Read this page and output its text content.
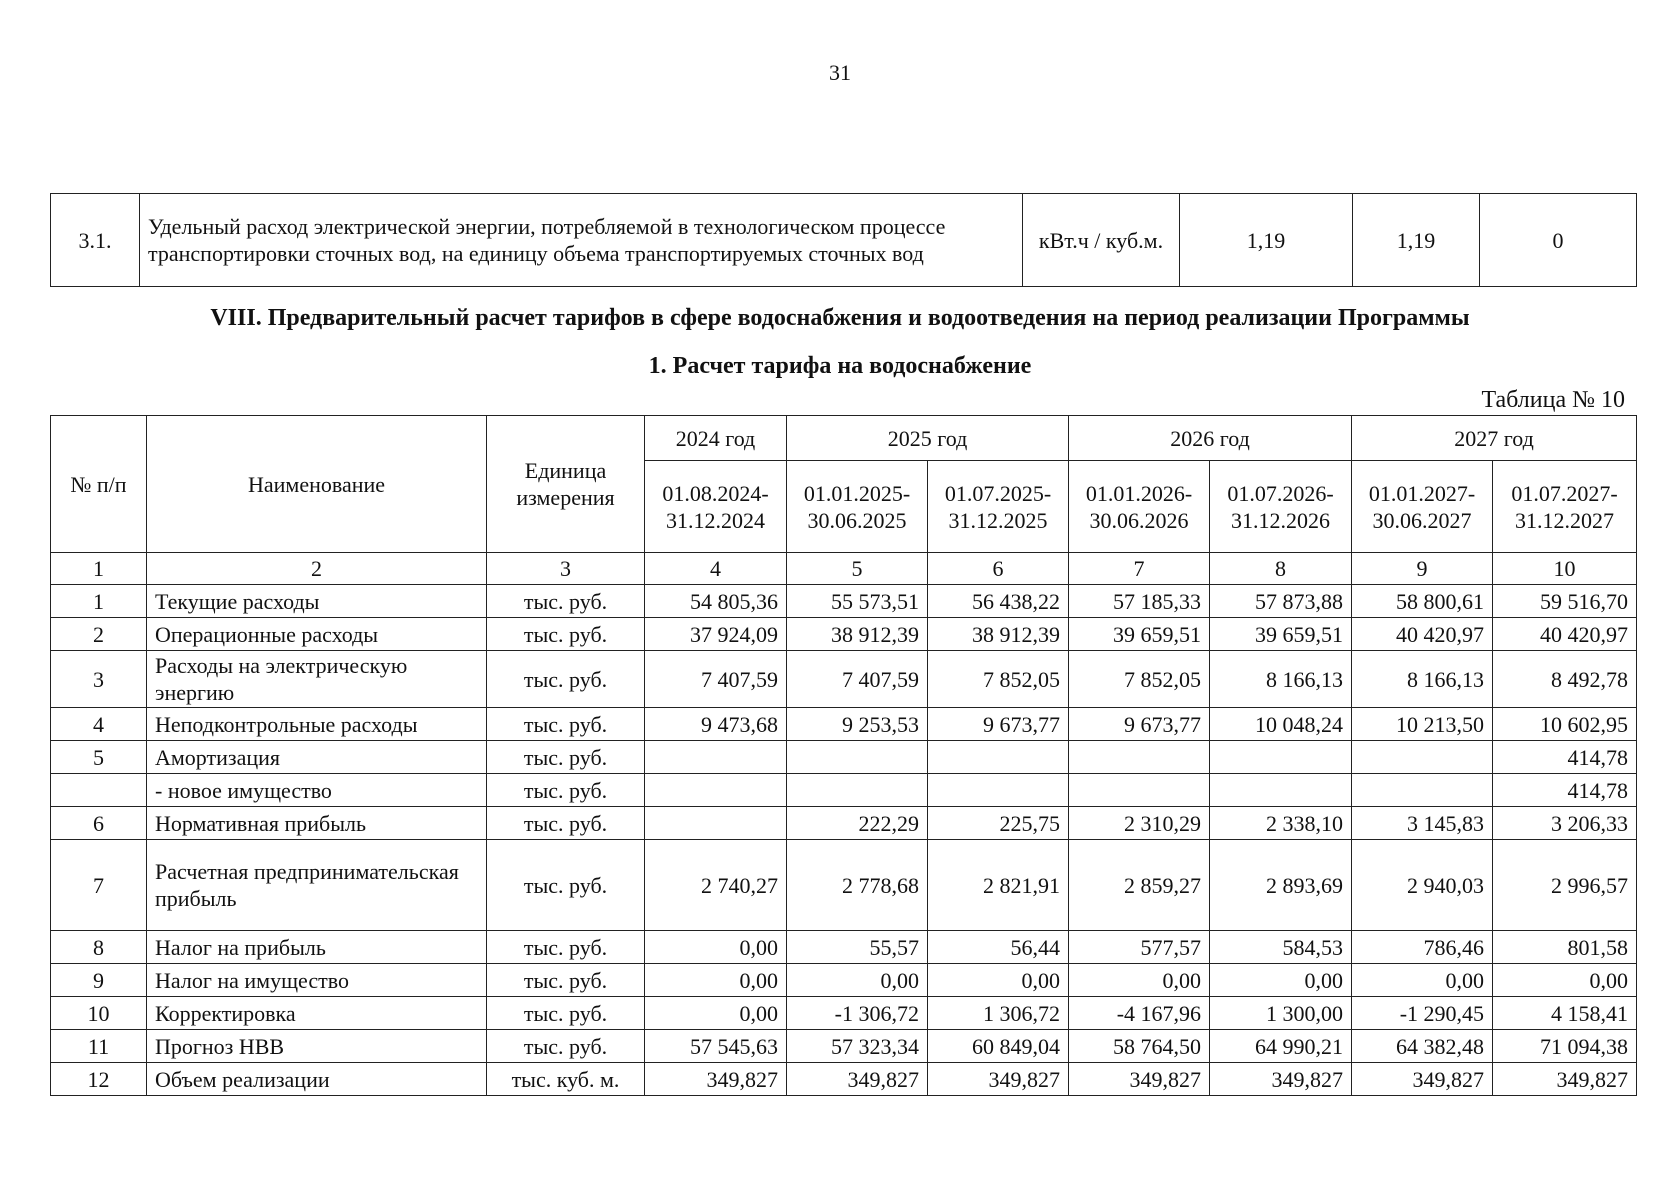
31
3.1.	Удельный расход электрической энергии, потребляемой в технологическом процессе транспортировки сточных вод, на единицу объема транспортируемых сточных вод	кВт.ч / куб.м.	1,19	1,19	0
VIII. Предварительный расчет тарифов в сфере водоснабжения и водоотведения на период реализации Программы
1. Расчет тарифа на водоснабжение
Таблица № 10
№ п/п	Наименование	Единица измерения	2024 год	2025 год		2026 год		2027 год	
			01.08.2024-31.12.2024	01.01.2025-30.06.2025	01.07.2025-31.12.2025	01.01.2026-30.06.2026	01.07.2026-31.12.2026	01.01.2027-30.06.2027	01.07.2027-31.12.2027
1	2	3	4	5	6	7	8	9	10
1	Текущие расходы	тыс. руб.	54 805,36	55 573,51	56 438,22	57 185,33	57 873,88	58 800,61	59 516,70
2	Операционные расходы	тыс. руб.	37 924,09	38 912,39	38 912,39	39 659,51	39 659,51	40 420,97	40 420,97
3	Расходы на электрическую энергию	тыс. руб.	7 407,59	7 407,59	7 852,05	7 852,05	8 166,13	8 166,13	8 492,78
4	Неподконтрольные расходы	тыс. руб.	9 473,68	9 253,53	9 673,77	9 673,77	10 048,24	10 213,50	10 602,95
5	Амортизация	тыс. руб.							414,78
	- новое имущество	тыс. руб.							414,78
6	Нормативная прибыль	тыс. руб.		222,29	225,75	2 310,29	2 338,10	3 145,83	3 206,33
7	Расчетная предпринимательская прибыль	тыс. руб.	2 740,27	2 778,68	2 821,91	2 859,27	2 893,69	2 940,03	2 996,57
8	Налог на прибыль	тыс. руб.	0,00	55,57	56,44	577,57	584,53	786,46	801,58
9	Налог на имущество	тыс. руб.	0,00	0,00	0,00	0,00	0,00	0,00	0,00
10	Корректировка	тыс. руб.	0,00	-1 306,72	1 306,72	-4 167,96	1 300,00	-1 290,45	4 158,41
11	Прогноз НВВ	тыс. руб.	57 545,63	57 323,34	60 849,04	58 764,50	64 990,21	64 382,48	71 094,38
12	Объем реализации	тыс. куб. м.	349,827	349,827	349,827	349,827	349,827	349,827	349,827
